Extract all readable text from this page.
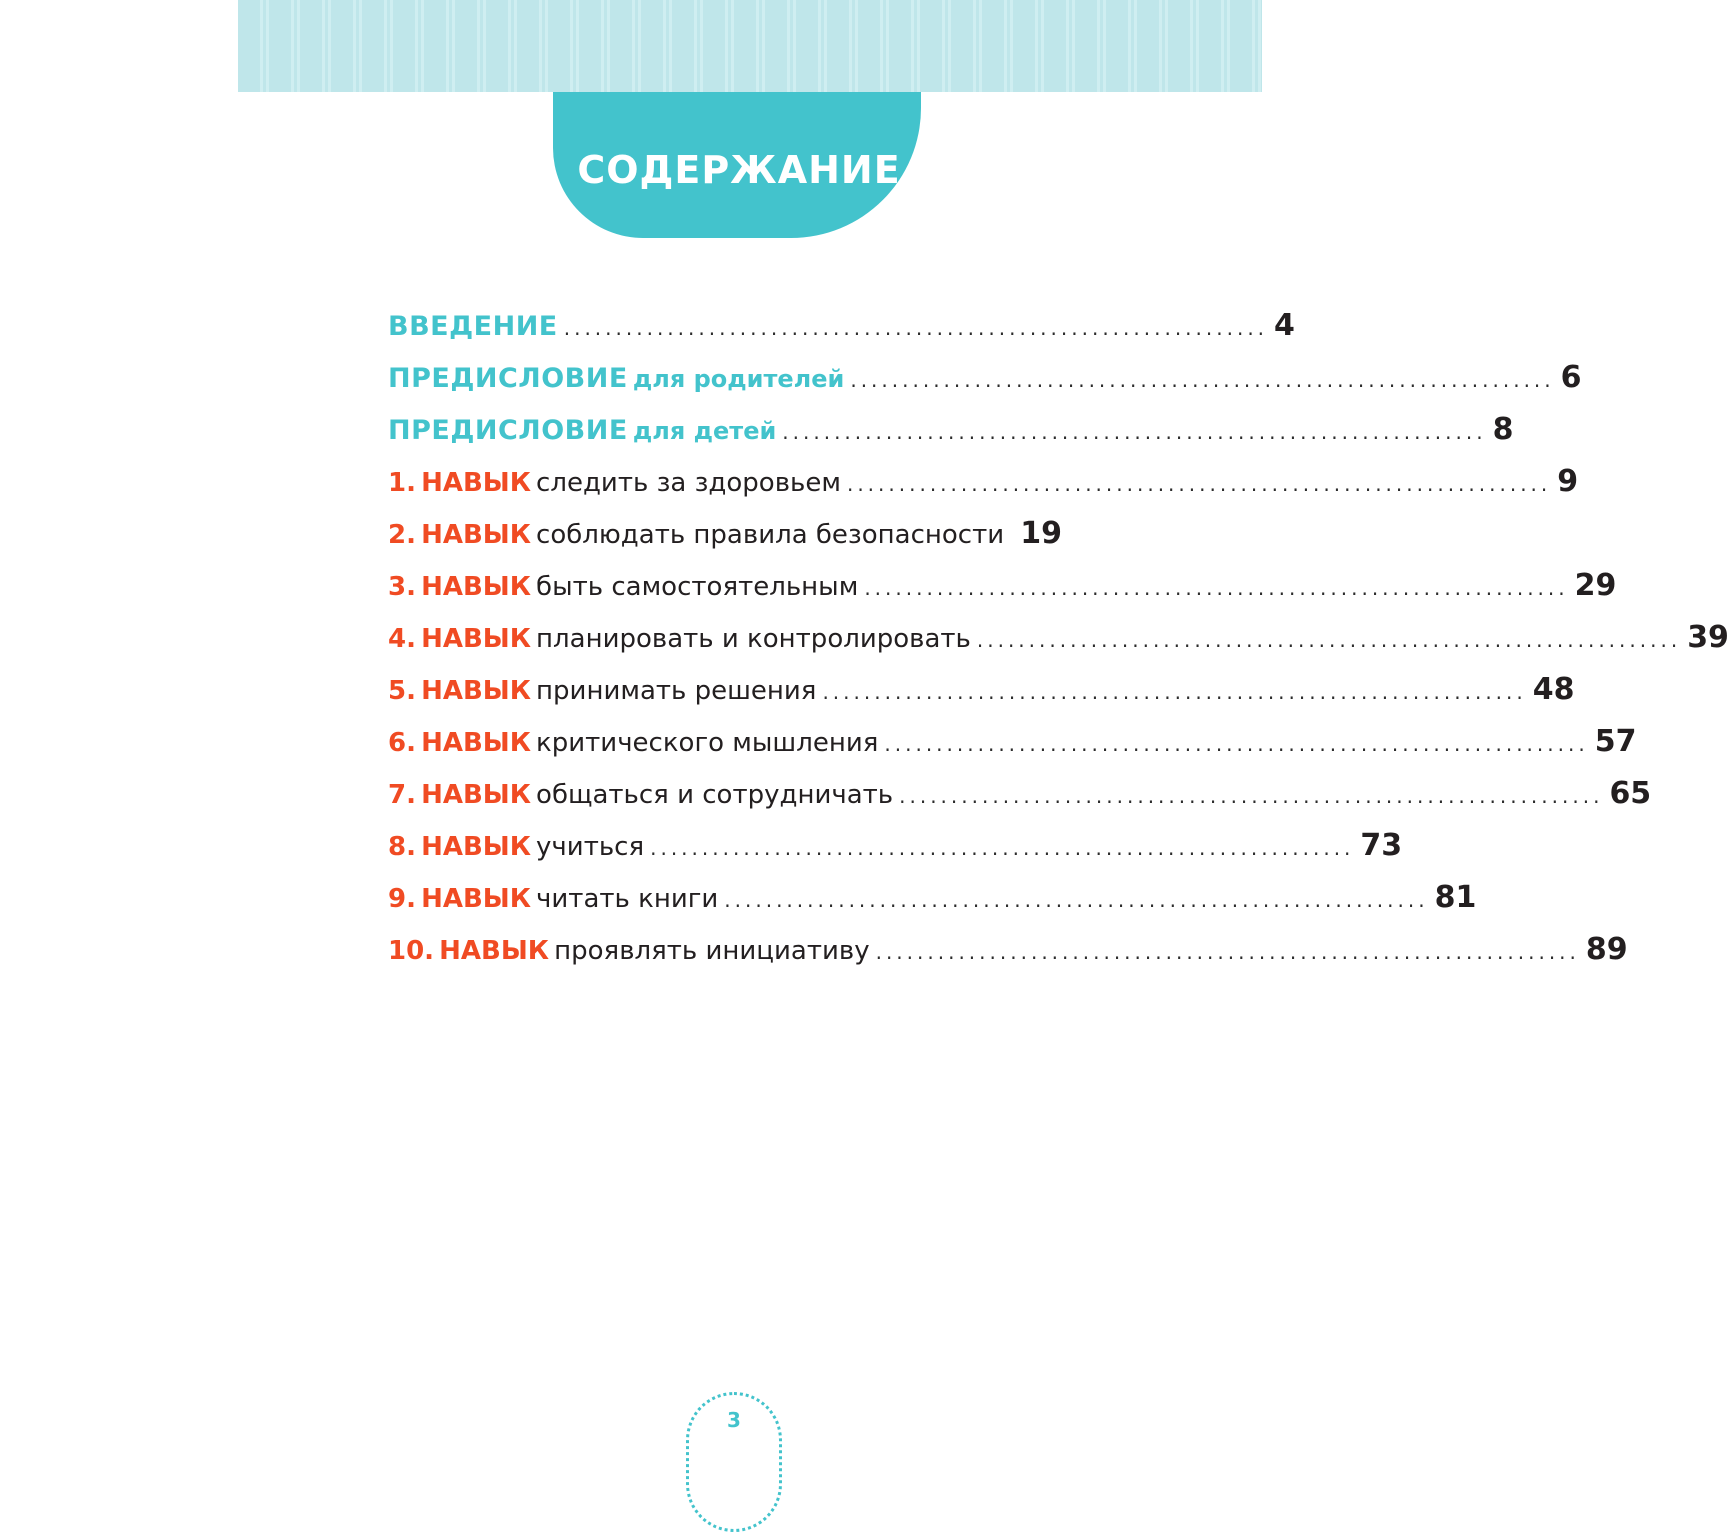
СОДЕРЖАНИЕ
ВВЕДЕНИЕ .................................................................... 4
ПРЕДИСЛОВИЕ для родителей .................................................................... 6
ПРЕДИСЛОВИЕ для детей .................................................................... 8
1. НАВЫК следить за здоровьем .................................................................... 9
2. НАВЫК соблюдать правила безопасности 19
3. НАВЫК быть самостоятельным .................................................................... 29
4. НАВЫК планировать и контролировать .................................................................... 39
5. НАВЫК принимать решения .................................................................... 48
6. НАВЫК критического мышления .................................................................... 57
7. НАВЫК общаться и сотрудничать .................................................................... 65
8. НАВЫК учиться .................................................................... 73
9. НАВЫК читать книги .................................................................... 81
10. НАВЫК проявлять инициативу .................................................................... 89
3
